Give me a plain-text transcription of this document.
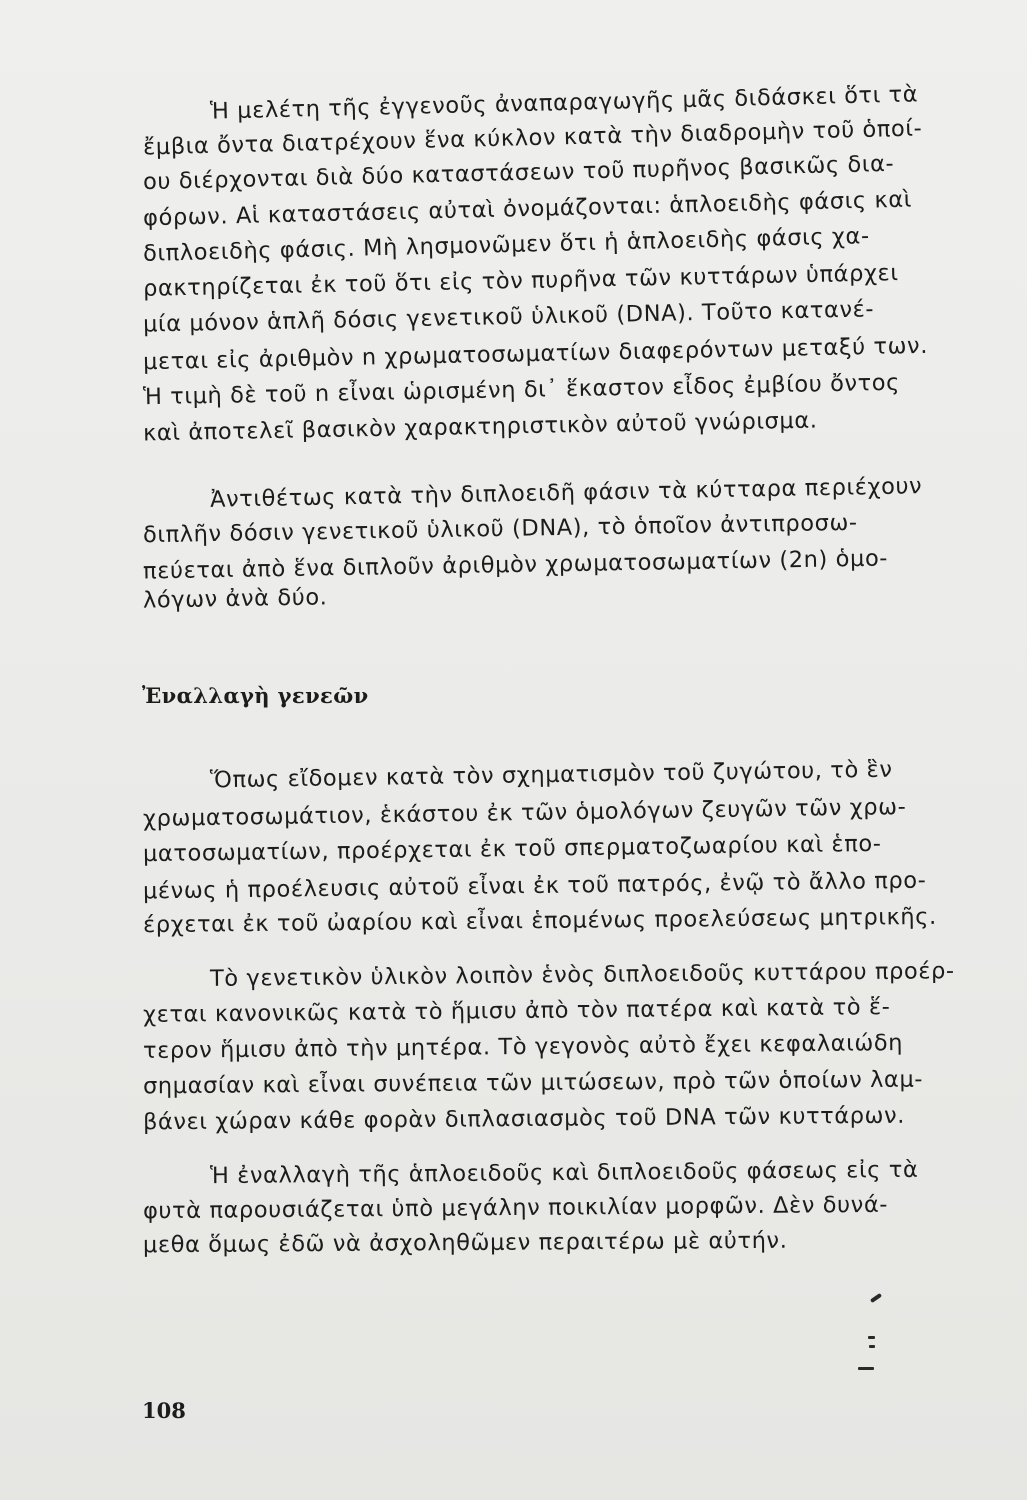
Ἡ μελέτη τῆς ἐγγενοῦς ἀναπαραγωγῆς μᾶς διδάσκει ὅτι τὰ

ἔμβια ὄντα διατρέχουν ἕνα κύκλον κατὰ τὴν διαδρομὴν τοῦ ὁποί-

ου διέρχονται διὰ δύο καταστάσεων τοῦ πυρῆνος βασικῶς δια-

φόρων. Αἱ καταστάσεις αὐταὶ ὀνομάζονται: ἁπλοειδὴς φάσις καὶ

διπλοειδὴς φάσις. Μὴ λησμονῶμεν ὅτι ἡ ἁπλοειδὴς φάσις χα-

ρακτηρίζεται ἐκ τοῦ ὅτι εἰς τὸν πυρῆνα τῶν κυττάρων ὑπάρχει

μία μόνον ἁπλῆ δόσις γενετικοῦ ὑλικοῦ (DNA). Τοῦτο κατανέ-

μεται εἰς ἀριθμὸν n χρωματοσωματίων διαφερόντων μεταξύ των.

Ἡ τιμὴ δὲ τοῦ n εἶναι ὡρισμένη δι᾽ ἕκαστον εἶδος ἐμβίου ὄντος

καὶ ἀποτελεῖ βασικὸν χαρακτηριστικὸν αὐτοῦ γνώρισμα.

Ἀντιθέτως κατὰ τὴν διπλοειδῆ φάσιν τὰ κύτταρα περιέχουν

διπλῆν δόσιν γενετικοῦ ὑλικοῦ (DNA), τὸ ὁποῖον ἀντιπροσω-

πεύεται ἀπὸ ἕνα διπλοῦν ἀριθμὸν χρωματοσωματίων (2n) ὁμο-

λόγων ἀνὰ δύο.

Ἐναλλαγὴ γενεῶν

Ὅπως εἴδομεν κατὰ τὸν σχηματισμὸν τοῦ ζυγώτου, τὸ ἓν

χρωματοσωμάτιον, ἑκάστου ἐκ τῶν ὁμολόγων ζευγῶν τῶν χρω-

ματοσωματίων, προέρχεται ἐκ τοῦ σπερματοζωαρίου καὶ ἑπο-

μένως ἡ προέλευσις αὐτοῦ εἶναι ἐκ τοῦ πατρός, ἐνῷ τὸ ἄλλο προ-

έρχεται ἐκ τοῦ ὠαρίου καὶ εἶναι ἑπομένως προελεύσεως μητρικῆς.

Τὸ γενετικὸν ὑλικὸν λοιπὸν ἑνὸς διπλοειδοῦς κυττάρου προέρ-

χεται κανονικῶς κατὰ τὸ ἥμισυ ἀπὸ τὸν πατέρα καὶ κατὰ τὸ ἕ-

τερον ἥμισυ ἀπὸ τὴν μητέρα. Τὸ γεγονὸς αὐτὸ ἔχει κεφαλαιώδη

σημασίαν καὶ εἶναι συνέπεια τῶν μιτώσεων, πρὸ τῶν ὁποίων λαμ-

βάνει χώραν κάθε φορὰν διπλασιασμὸς τοῦ DNA τῶν κυττάρων.

Ἡ ἐναλλαγὴ τῆς ἁπλοειδοῦς καὶ διπλοειδοῦς φάσεως εἰς τὰ

φυτὰ παρουσιάζεται ὑπὸ μεγάλην ποικιλίαν μορφῶν. Δὲν δυνά-

μεθα ὅμως ἐδῶ νὰ ἀσχοληθῶμεν περαιτέρω μὲ αὐτήν.

108
